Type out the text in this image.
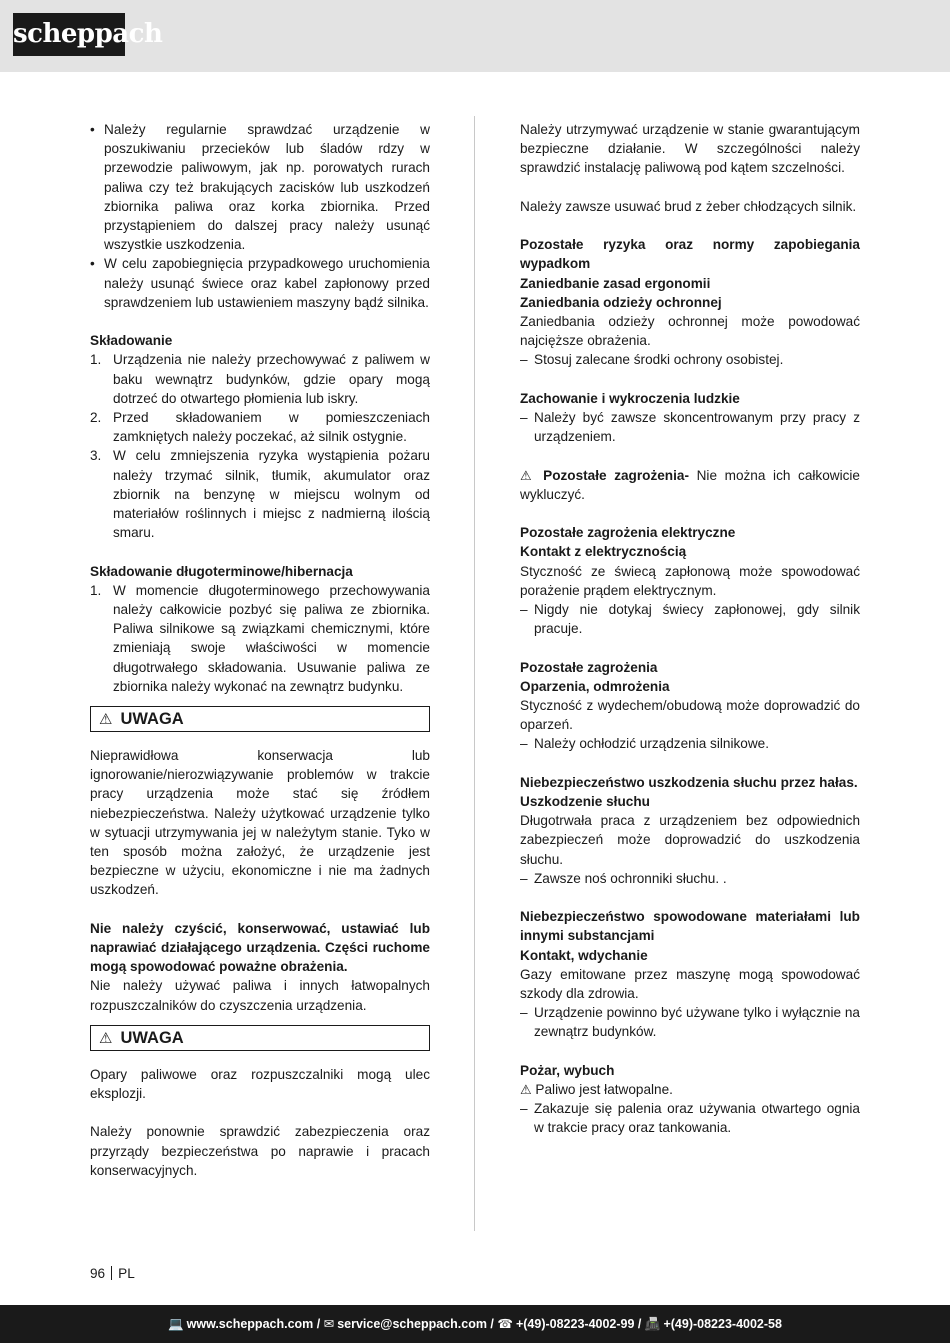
scheppach
• Należy regularnie sprawdzać urządzenie w poszukiwaniu przecieków lub śladów rdzy w przewodzie paliwowym, jak np. porowatych rurach paliwa czy też brakujących zacisków lub uszkodzeń zbiornika paliwa oraz korka zbiornika. Przed przystąpieniem do dalszej pracy należy usunąć wszystkie uszkodzenia.
• W celu zapobiegnięcia przypadkowego uruchomienia należy usunąć świece oraz kabel zapłonowy przed sprawdzeniem lub ustawieniem maszyny bądź silnika.

Składowanie

1. Urządzenia nie należy przechowywać z paliwem w baku wewnątrz budynków, gdzie opary mogą dotrzeć do otwartego płomienia lub iskry.
2. Przed składowaniem w pomieszczeniach zamkniętych należy poczekać, aż silnik ostygnie.
3. W celu zmniejszenia ryzyka wystąpienia pożaru należy trzymać silnik, tłumik, akumulator oraz zbiornik na benzynę w miejscu wolnym od materiałów roślinnych i miejsc z nadmierną ilością smaru.

Składowanie długoterminowe/hibernacja

1. W momencie długoterminowego przechowywania należy całkowicie pozbyć się paliwa ze zbiornika. Paliwa silnikowe są związkami chemicznymi, które zmieniają swoje właściwości w momencie długotrwałego składowania. Usuwanie paliwa ze zbiornika należy wykonać na zewnątrz budynku.
⚠ UWAGA

Nieprawidłowa konserwacja lub ignorowanie/nierozwiązywanie problemów w trakcie pracy urządzenia może stać się źródłem niebezpieczeństwa. Należy użytkować urządzenie tylko w sytuacji utrzymywania jej w należytym stanie. Tyko w ten sposób można założyć, że urządzenie jest bezpieczne w użyciu, ekonomiczne i nie ma żadnych uszkodzeń.

Nie należy czyścić, konserwować, ustawiać lub naprawiać działającego urządzenia. Części ruchome mogą spowodować poważne obrażenia.

Nie należy używać paliwa i innych łatwopalnych rozpuszczalników do czyszczenia urządzenia.

⚠ UWAGA

Opary paliwowe oraz rozpuszczalniki mogą ulec eksplozji.

Należy ponownie sprawdzić zabezpieczenia oraz przyrządy bezpieczeństwa po naprawie i pracach konserwacyjnych.

Należy utrzymywać urządzenie w stanie gwarantującym bezpieczne działanie. W szczególności należy sprawdzić instalację paliwową pod kątem szczelności.

Należy zawsze usuwać brud z żeber chłodzących silnik.

Pozostałe ryzyka oraz normy zapobiegania wypadkom

Zaniedbanie zasad ergonomii

Zaniedbania odzieży ochronnej

Zaniedbania odzieży ochronnej może powodować najcięższe obrażenia.

– Stosuj zalecane środki ochrony osobistej.

Zachowanie i wykroczenia ludzkie

– Należy być zawsze skoncentrowanym przy pracy z urządzeniem.

⚠ Pozostałe zagrożenia- Nie można ich całkowicie wykluczyć.

Pozostałe zagrożenia elektryczne

Kontakt z elektrycznością

Styczność ze świecą zapłonową może spowodować porażenie prądem elektrycznym.

– Nigdy nie dotykaj świecy zapłonowej, gdy silnik pracuje.

Pozostałe zagrożenia

Oparzenia, odmrożenia

Styczność z wydechem/obudową może doprowadzić do oparzeń.

– Należy ochłodzić urządzenia silnikowe.

Niebezpieczeństwo uszkodzenia słuchu przez hałas.

Uszkodzenie słuchu

Długotrwała praca z urządzeniem bez odpowiednich zabezpieczeń może doprowadzić do uszkodzenia słuchu.

– Zawsze noś ochronniki słuchu. .

Niebezpieczeństwo spowodowane materiałami lub innymi substancjami

Kontakt, wdychanie

Gazy emitowane przez maszynę mogą spowodować szkody dla zdrowia.

– Urządzenie powinno być używane tylko i wyłącznie na zewnątrz budynków.

Pożar, wybuch

⚠ Paliwo jest łatwopalne.

– Zakazuje się palenia oraz używania otwartego ognia w trakcie pracy oraz tankowania.
96 PL
💻 www.scheppach.com / ✉ service@scheppach.com / ☎ +(49)-08223-4002-99 / 📠 +(49)-08223-4002-58
